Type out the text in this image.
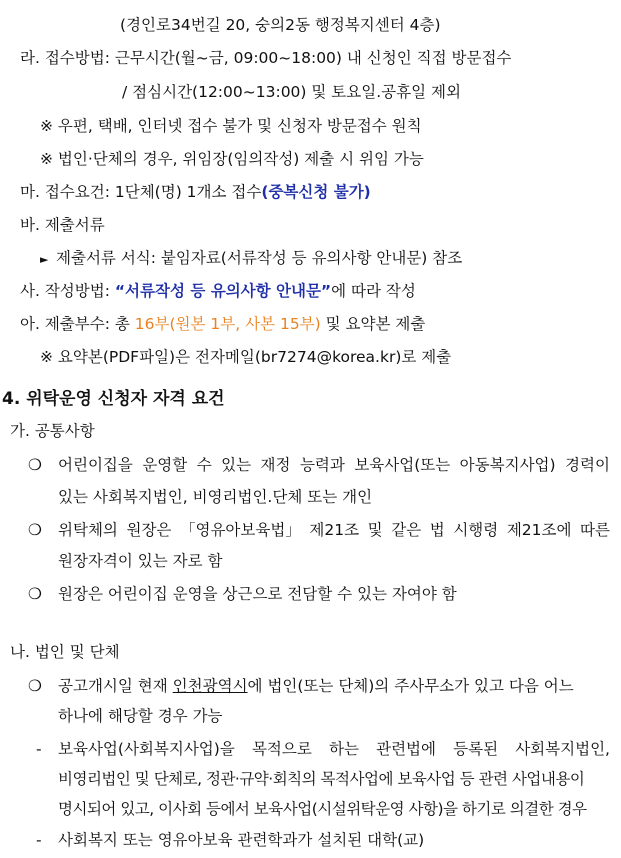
(경인로34번길 20, 숭의2동 행정복지센터 4층)
라. 접수방법: 근무시간(월~금, 09:00~18:00) 내 신청인 직접 방문접수
/ 점심시간(12:00~13:00) 및 토요일.공휴일 제외
※ 우편, 택배, 인터넷 접수 불가 및 신청자 방문접수 원칙
※ 법인·단체의 경우, 위임장(임의작성) 제출 시 위임 가능
마. 접수요건: 1단체(명) 1개소 접수(중복신청 불가)
바. 제출서류
► 제출서류 서식: 붙임자료(서류작성 등 유의사항 안내문) 참조
사. 작성방법: “서류작성 등 유의사항 안내문”에 따라 작성
아. 제출부수: 총 16부(원본 1부, 사본 15부) 및 요약본 제출
※ 요약본(PDF파일)은 전자메일(br7274@korea.kr)로 제출
4. 위탁운영 신청자 자격 요건
가. 공통사항
❍ 어린이집을 운영할 수 있는 재정 능력과 보육사업(또는 아동복지사업) 경력이
있는 사회복지법인, 비영리법인.단체 또는 개인
❍ 위탁체의 원장은 「영유아보육법」 제21조 및 같은 법 시행령 제21조에 따른
원장자격이 있는 자로 함
❍ 원장은 어린이집 운영을 상근으로 전담할 수 있는 자여야 함
나. 법인 및 단체
❍ 공고개시일 현재 인천광역시에 법인(또는 단체)의 주사무소가 있고 다음 어느
하나에 해당할 경우 가능
- 보육사업(사회복지사업)을 목적으로 하는 관련법에 등록된 사회복지법인,
비영리법인 및 단체로, 정관·규약·회칙의 목적사업에 보육사업 등 관련 사업내용이
명시되어 있고, 이사회 등에서 보육사업(시설위탁운영 사항)을 하기로 의결한 경우
- 사회복지 또는 영유아보육 관련학과가 설치된 대학(교)
